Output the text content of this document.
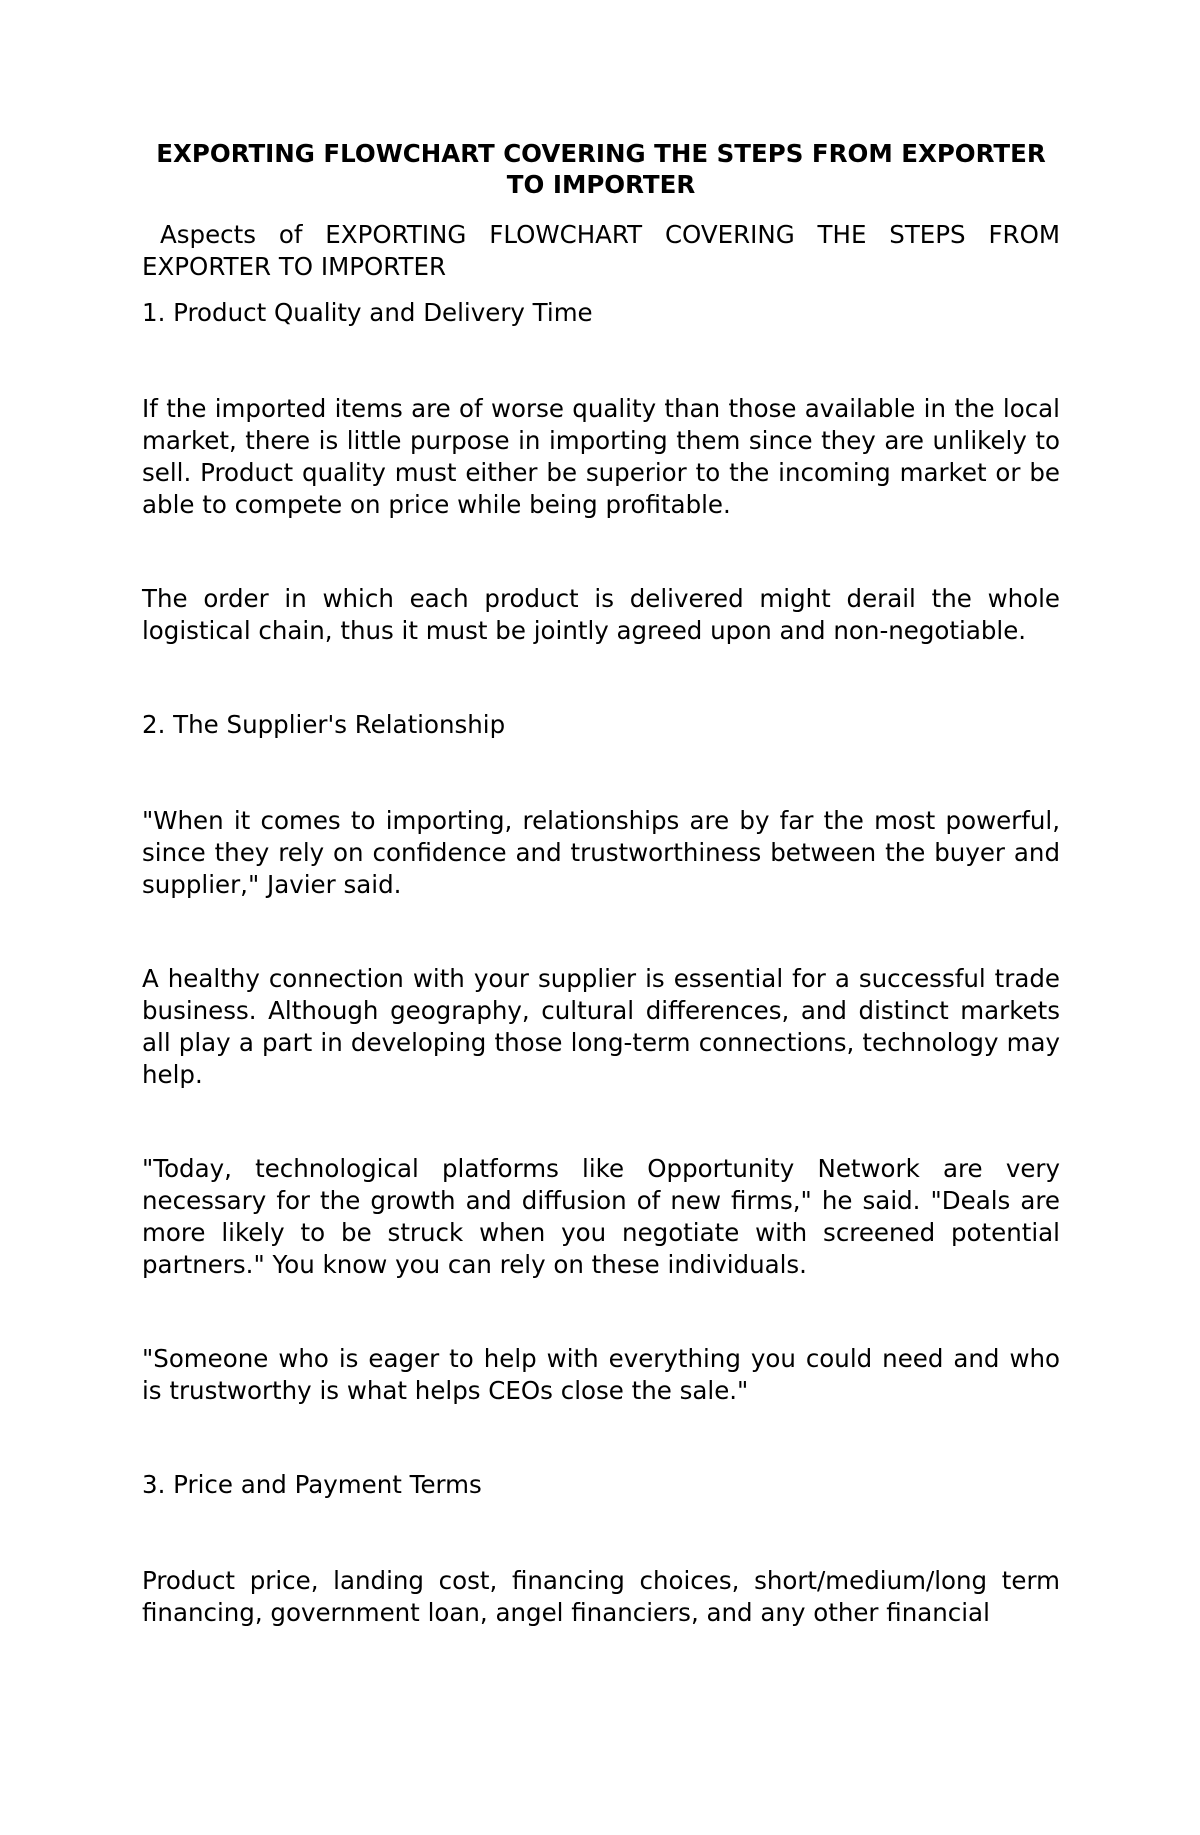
EXPORTING FLOWCHART COVERING THE STEPS FROM EXPORTER TO IMPORTER

Aspects of EXPORTING FLOWCHART COVERING THE STEPS FROM EXPORTER TO IMPORTER

1. Product Quality and Delivery Time

If the imported items are of worse quality than those available in the local market, there is little purpose in importing them since they are unlikely to sell. Product quality must either be superior to the incoming market or be able to compete on price while being profitable.

The order in which each product is delivered might derail the whole logistical chain, thus it must be jointly agreed upon and non-negotiable.

2. The Supplier's Relationship

"When it comes to importing, relationships are by far the most powerful, since they rely on confidence and trustworthiness between the buyer and supplier," Javier said.

A healthy connection with your supplier is essential for a successful trade business. Although geography, cultural differences, and distinct markets all play a part in developing those long-term connections, technology may help.

"Today, technological platforms like Opportunity Network are very necessary for the growth and diffusion of new firms," he said. "Deals are more likely to be struck when you negotiate with screened potential partners." You know you can rely on these individuals.

"Someone who is eager to help with everything you could need and who is trustworthy is what helps CEOs close the sale."

3. Price and Payment Terms

Product price, landing cost, financing choices, short/medium/long term financing, government loan, angel financiers, and any other financial
